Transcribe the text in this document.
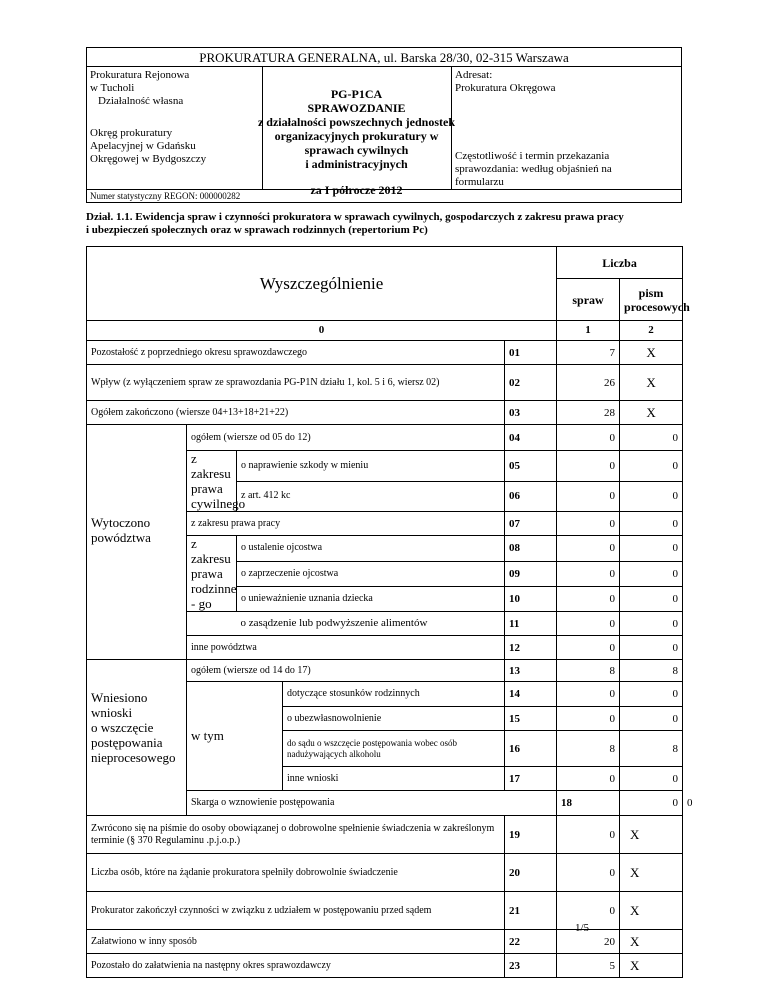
PROKURATURA GENERALNA, ul. Barska 28/30, 02-315 Warszawa
Prokuratura Rejonowa
w Tucholi
Działalność własna
Okręg prokuratury
Apelacyjnej w Gdańsku
Okręgowej w Bydgoszczy
Numer statystyczny REGON: 000000282
PG-P1CA
SPRAWOZDANIE
z działalności powszechnych jednostek
organizacyjnych prokuratury w
sprawach cywilnych
i administracyjnych
za I półrocze 2012
Adresat:
Prokuratura Okręgowa
Częstotliwość i termin przekazania
sprawozdania: według objaśnień na
formularzu
Dział. 1.1. Ewidencja spraw i czynności prokuratora w sprawach cywilnych, gospodarczych z zakresu prawa pracy
i ubezpieczeń społecznych oraz w sprawach rodzinnych (repertorium Pc)
Wyszczególnienie					Liczba		
					spraw	pism
procesowych	

0					1	2	
Pozostałość z poprzedniego okresu sprawozdawczego				01	7	X	
Wpływ (z wyłączeniem spraw ze sprawozdania PG-P1N działu 1, kol. 5 i 6, wiersz 02)				02	26	X	
Ogółem zakończono (wiersze 04+13+18+21+22)				03	28	X	

Wytoczono
powództwa	ogółem (wiersze od 05 do 12)			04	0	0	

	z zakresu
prawa
cywilnego	o naprawienie szkody w mieniu		05	0	0	
		z art. 412 kc		06	0	0	
	z zakresu prawa pracy			07	0	0	

	z zakresu
prawa
rodzinne
- go	o ustalenie ojcostwa		08	0	0	
		o zaprzeczenie ojcostwa		09	0	0	
		o unieważnienie uznania dziecka		10	0	0	
		o zasądzenie lub podwyższenie alimentów		11	0	0	
	inne powództwa			12	0	0	

Wniesiono
wnioski
o wszczęcie
postępowania
nieprocesowego	ogółem (wiersze od 14 do 17)			13	8	8	
	w tym		dotyczące stosunków rodzinnych	14	0	0	
			o ubezwłasnowolnienie	15	0	0	
			do sądu o wszczęcie postępowania wobec osób nadużywających alkoholu	16	8	8	
			inne wnioski	17	0	0	
	Skarga o wznowienie postępowania				18	0	0
Zwrócono się na piśmie do osoby obowiązanej o dobrowolne spełnienie świadczenia w zakreślonym terminie (§ 370 Regulaminu .p.j.o.p.)				19	0	X	
Liczba osób, które na żądanie prokuratora spełniły dobrowolnie świadczenie				20	0	X	
Prokurator zakończył czynności w związku z udziałem w postępowaniu przed sądem				21	0	X	
Załatwiono w inny sposób				22	20	X	
Pozostało do załatwienia na następny okres sprawozdawczy				23	5	X	
1/5
